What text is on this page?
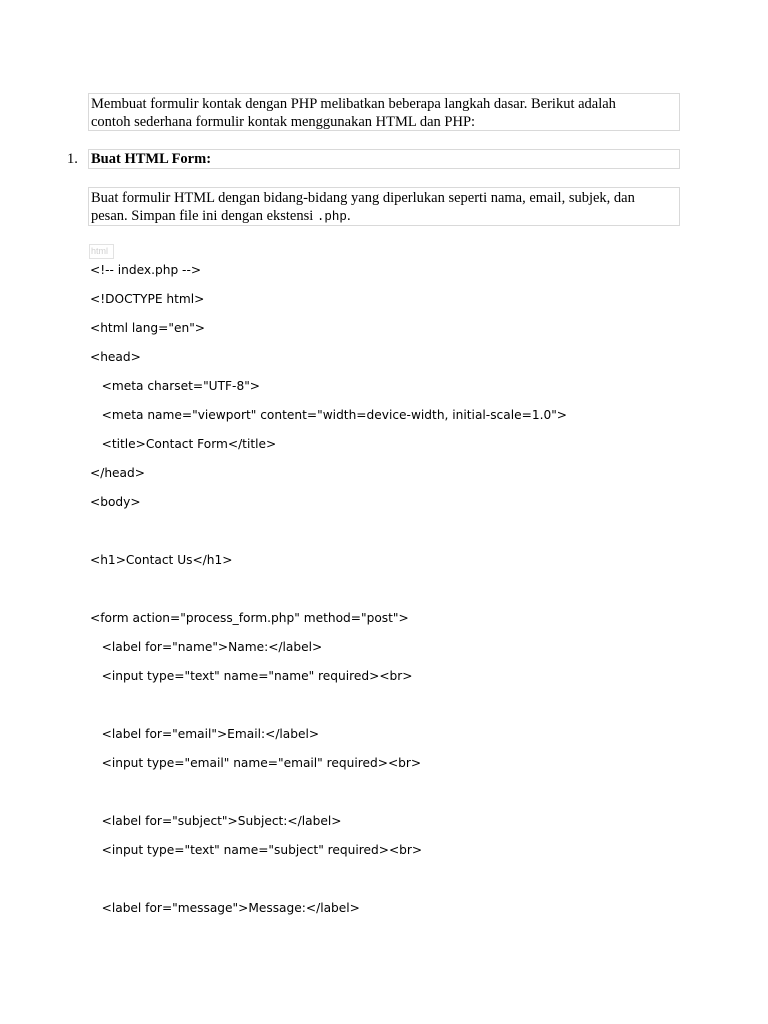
Membuat formulir kontak dengan PHP melibatkan beberapa langkah dasar. Berikut adalah
contoh sederhana formulir kontak menggunakan HTML dan PHP:
1. Buat HTML Form:
Buat formulir HTML dengan bidang-bidang yang diperlukan seperti nama, email, subjek, dan
pesan. Simpan file ini dengan ekstensi .php.
html
<!-- index.php -->
<!DOCTYPE html>
<html lang="en">
<head>
<meta charset="UTF-8">
<meta name="viewport" content="width=device-width, initial-scale=1.0">
<title>Contact Form</title>
</head>
<body>
<h1>Contact Us</h1>
<form action="process_form.php" method="post">
<label for="name">Name:</label>
<input type="text" name="name" required><br>
<label for="email">Email:</label>
<input type="email" name="email" required><br>
<label for="subject">Subject:</label>
<input type="text" name="subject" required><br>
<label for="message">Message:</label>
